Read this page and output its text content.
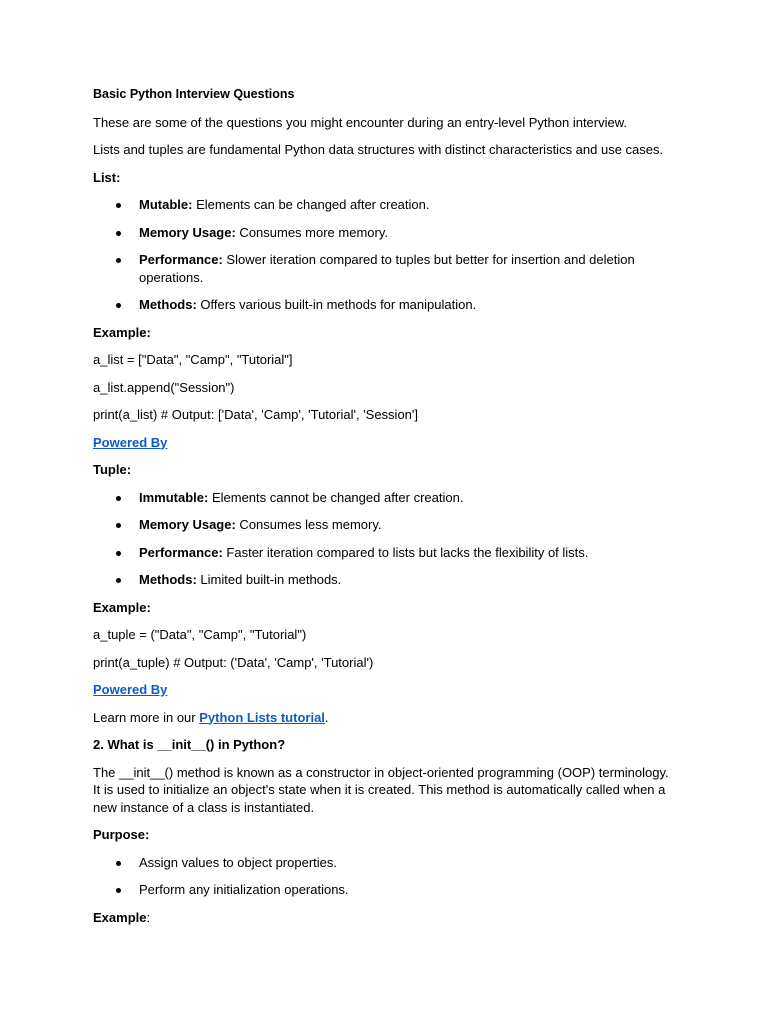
Basic Python Interview Questions

These are some of the questions you might encounter during an entry-level Python interview.

Lists and tuples are fundamental Python data structures with distinct characteristics and use cases.

List:

Mutable: Elements can be changed after creation.
Memory Usage: Consumes more memory.
Performance: Slower iteration compared to tuples but better for insertion and deletion operations.
Methods: Offers various built-in methods for manipulation.

Example:

a_list = ["Data", "Camp", "Tutorial"]

a_list.append("Session")

print(a_list) # Output: ['Data', 'Camp', 'Tutorial', 'Session']

Powered By

Tuple:

Immutable: Elements cannot be changed after creation.
Memory Usage: Consumes less memory.
Performance: Faster iteration compared to lists but lacks the flexibility of lists.
Methods: Limited built-in methods.

Example:

a_tuple = ("Data", "Camp", "Tutorial")

print(a_tuple) # Output: ('Data', 'Camp', 'Tutorial')

Powered By

Learn more in our Python Lists tutorial.

2. What is __init__() in Python?

The __init__() method is known as a constructor in object-oriented programming (OOP) terminology. It is used to initialize an object's state when it is created. This method is automatically called when a new instance of a class is instantiated.

Purpose:

Assign values to object properties.
Perform any initialization operations.

Example:
